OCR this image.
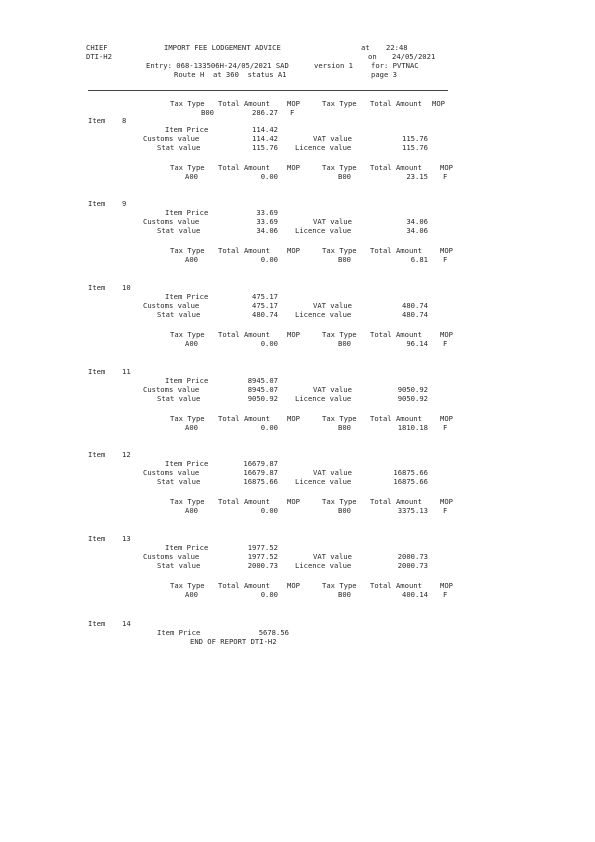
CHIEF
DTI-H2
IMPORT FEE LODGEMENT ADVICE	at 22:48
on 24/05/2021
Entry: 068-133506H-24/05/2021 SAD	version 1	for: PVTNAC
Route H  at 360  status A1	page 3
Tax Type Total Amount MOP	Tax Type Total Amount MOP
B00	286.27 F
Item 8
Item Price	114.42
Customs value	114.42	VAT value	115.76
Stat value	115.76 Licence value	115.76
Tax Type Total Amount MOP	Tax Type Total Amount	MOP
A00	0.00	B00	23.15 F
Item 9
Item Price	33.69
Customs value	33.69	VAT value	34.06
Stat value	34.06 Licence value	34.06
Tax Type Total Amount MOP	Tax Type Total Amount	MOP
A00	0.00	B00	6.81 F
Item 10
Item Price	475.17
Customs value	475.17	VAT value	480.74
Stat value	480.74 Licence value	480.74
Tax Type Total Amount MOP	Tax Type Total Amount	MOP
A00	0.00	B00	96.14 F
Item 11
Item Price	8945.07
Customs value	8945.07	VAT value	9050.92
Stat value	9050.92 Licence value	9050.92
Tax Type Total Amount MOP	Tax Type Total Amount	MOP
A00	0.00	B00	1810.18 F
Item 12
Item Price	16679.87
Customs value	16679.87	VAT value	16875.66
Stat value	16875.66 Licence value	16875.66
Tax Type Total Amount MOP	Tax Type Total Amount	MOP
A00	0.00	B00	3375.13 F
Item 13
Item Price	1977.52
Customs value	1977.52	VAT value	2000.73
Stat value	2000.73 Licence value	2000.73
Tax Type Total Amount MOP	Tax Type Total Amount	MOP
A00	0.00	B00	400.14 F
Item 14
Item Price	5678.56
END OF REPORT DTI-H2
